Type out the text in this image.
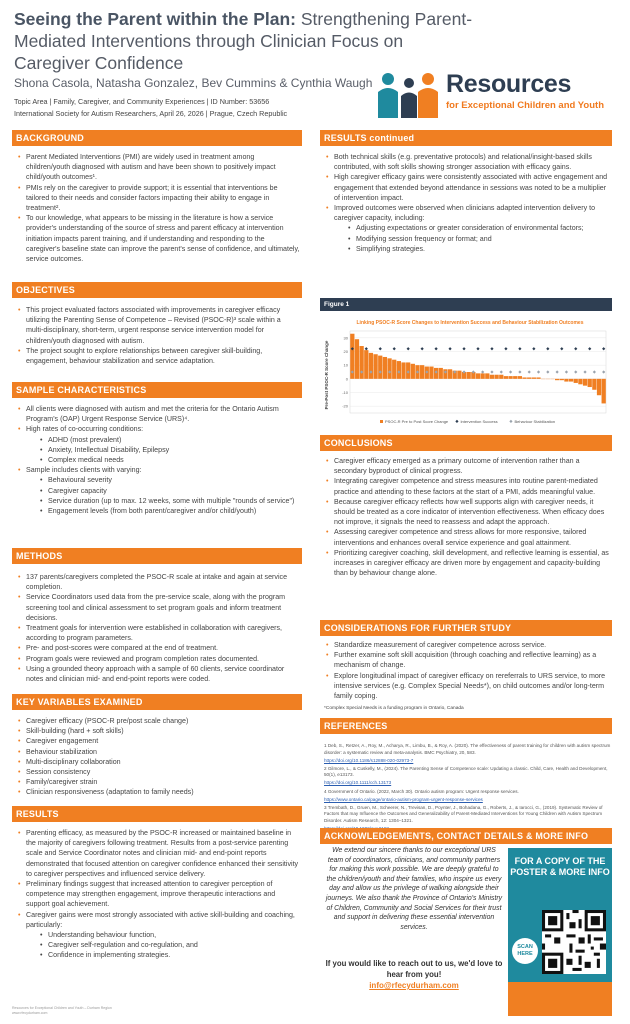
Seeing the Parent within the Plan: Strengthening Parent-Mediated Interventions through Clinician Focus on Caregiver Confidence
Shona Casola, Natasha Gonzalez, Bev Cummins & Cynthia Waugh
Topic Area | Family, Caregiver, and Community Experiences | ID Number: 53656
International Society for Autism Researchers, April 26, 2026 | Prague, Czech Republic
Resources
for Exceptional Children and Youth
BACKGROUND
• Parent Mediated Interventions (PMI) are widely used in treatment among children/youth diagnosed with autism and have been shown to positively impact child/youth outcomes¹.
• PMIs rely on the caregiver to provide support; it is essential that interventions be tailored to their needs and consider factors impacting their ability to engage in treatment².
• To our knowledge, what appears to be missing in the literature is how a service provider's understanding of the source of stress and parent efficacy at intervention initiation impacts parent training, and if understanding and responding to the caregiver's baseline state can improve the parent's sense of confidence, and ultimately, service outcomes.
OBJECTIVES
• This project evaluated factors associated with improvements in caregiver efficacy utilizing the Parenting Sense of Competence – Revised (PSOC-R)³ scale within a multi-disciplinary, short-term, urgent response service intervention model for children/youth diagnosed with autism.
• The project sought to explore relationships between caregiver skill-building, engagement, behaviour stabilization and service adaptation.
SAMPLE CHARACTERISTICS
• All clients were diagnosed with autism and met the criteria for the Ontario Autism Program's (OAP) Urgent Response Service (URS)⁴.
• High rates of co-occurring conditions:
• ADHD (most prevalent)
• Anxiety, Intellectual Disability, Epilepsy
• Complex medical needs
• Sample includes clients with varying:
• Behavioural severity
• Caregiver capacity
• Service duration (up to max. 12 weeks, some with multiple "rounds of service")
• Engagement levels (from both parent/caregiver and/or child/youth)
METHODS
• 137 parents/caregivers completed the PSOC-R scale at intake and again at service completion.
• Service Coordinators used data from the pre-service scale, along with the program screening tool and clinical assessment to set program goals and inform treatment decisions.
• Treatment goals for intervention were established in collaboration with caregivers, according to program parameters.
• Pre- and post-scores were compared at the end of treatment.
• Program goals were reviewed and program completion rates documented.
• Using a grounded theory approach with a sample of 60 clients, service coordinator notes and clinician mid- and end-point reports were coded.
KEY VARIABLES EXAMINED
• Caregiver efficacy (PSOC-R pre/post scale change)
• Skill-building (hard + soft skills)
• Caregiver engagement
• Behaviour stabilization
• Multi-disciplinary collaboration
• Session consistency
• Family/caregiver strain
• Clinician responsiveness (adaptation to family needs)
RESULTS
• Parenting efficacy, as measured by the PSOC-R increased or maintained baseline in the majority of caregivers following treatment. Results from a post-service parenting scale and Service Coordinator notes and clinician mid- and end-point reports demonstrated that focused attention on caregiver confidence enhanced their sensitivity to caregiver perspectives and influenced service delivery.
• Preliminary findings suggest that increased attention to caregiver perception of competence may strengthen engagement, improve therapeutic interactions and support goal achievement.
• Caregiver gains were most strongly associated with active skill-building and coaching, particularly:
• Understanding behaviour function,
• Caregiver self-regulation and co-regulation, and
• Confidence in implementing strategies.
RESULTS continued
• Both technical skills (e.g. preventative protocols) and relational/insight-based skills contributed, with soft skills showing stronger association with efficacy gains.
• High caregiver efficacy gains were consistently associated with active engagement and engagement that extended beyond attendance in sessions was noted to be a multiplier of intervention impact.
• Improved outcomes were observed when clinicians adapted intervention delivery to caregiver capacity, including:
• Adjusting expectations or greater consideration of environmental factors;
• Modifying session frequency or format; and
• Simplifying strategies.
Figure 1
Linking PSOC-R Score Changes to Intervention Success and Behaviour Stabilization Outcomes
Pre-Post PSOC-R Score Change	-20
-10
0
10
20
30
PSOC-R Pre to Post Score Change	Intervention Success	Behaviour Stabilization
CONCLUSIONS
• Caregiver efficacy emerged as a primary outcome of intervention rather than a secondary byproduct of clinical progress.
• Integrating caregiver competence and stress measures into routine parent-mediated practice and attending to these factors at the start of a PMI, adds meaningful value.
• Because caregiver efficacy reflects how well supports align with caregiver needs, it should be treated as a core indicator of intervention effectiveness. When efficacy does not improve, it signals the need to reassess and adapt the approach.
• Assessing caregiver competence and stress allows for more responsive, tailored interventions and enhances overall service experience and goal attainment.
• Prioritizing caregiver coaching, skill development, and reflective learning is essential, as increases in caregiver efficacy are driven more by engagement and capacity-building than by behaviour change alone.
CONSIDERATIONS FOR FURTHER STUDY
• Standardize measurement of caregiver competence across service.
• Further examine soft skill acquisition (through coaching and reflective learning) as a mechanism of change.
• Explore longitudinal impact of caregiver efficacy on rereferrals to URS service, to more intensive services (e.g. Complex Special Needs*), on child outcomes and/or long-term family coping.
*Complex Special Needs is a funding program in Ontario, Canada
REFERENCES

1 Deb, S., Retzer, A., Roy, M., Acharya, R., Limbu, B., & Roy, A. (2020). The effectiveness of parent training for children with autism spectrum disorder: a systematic review and meta-analysis. BMC Psychiatry, 20, 583.

https://doi.org/10.1186/s12888-020-02973-7

2 Gilmore, L., & Cuskelly, M., (2024). The Parenting Sense of Competence scale: Updating a classic. Child, Care, Health and Development, 50(1), e13173.

https://doi.org/10.1111/cch.13173

4 Government of Ontario. (2022, March 30). Ontario autism program: Urgent response services.

https://www.ontario.ca/page/ontario-autism-program-urgent-response-services

3 Trembath, D., Gruen, M., Scheerer, N., Trevisan, D., Poynter, J., Bohadana, G., Roberts, J., & Iarocci, G., (2019). Systematic Review of Factors that may Influence the Outcomes and Generalizability of Parent-Mediated Interventions for Young Children with Autism Spectrum Disorder. Autism Research, 12: 1304–1321.

ACKNOWLEDGEMENTS, CONTACT DETAILS & MORE INFO
We extend our sincere thanks to our exceptional URS team of coordinators, clinicians, and community partners for making this work possible. We are deeply grateful to the children/youth and their families, who inspire us every day and allow us the privilege of walking alongside their journeys. We also thank the Province of Ontario's Ministry of Children, Community and Social Services for their trust and support in delivering these essential intervention services.
If you would like to reach out to us, we'd love to hear from you!
info@rfecydurham.com
FOR A COPY OF THE POSTER & MORE INFO
SCAN HERE
Resources for Exceptional Children and Youth – Durham Region
www.rfecydurham.com
